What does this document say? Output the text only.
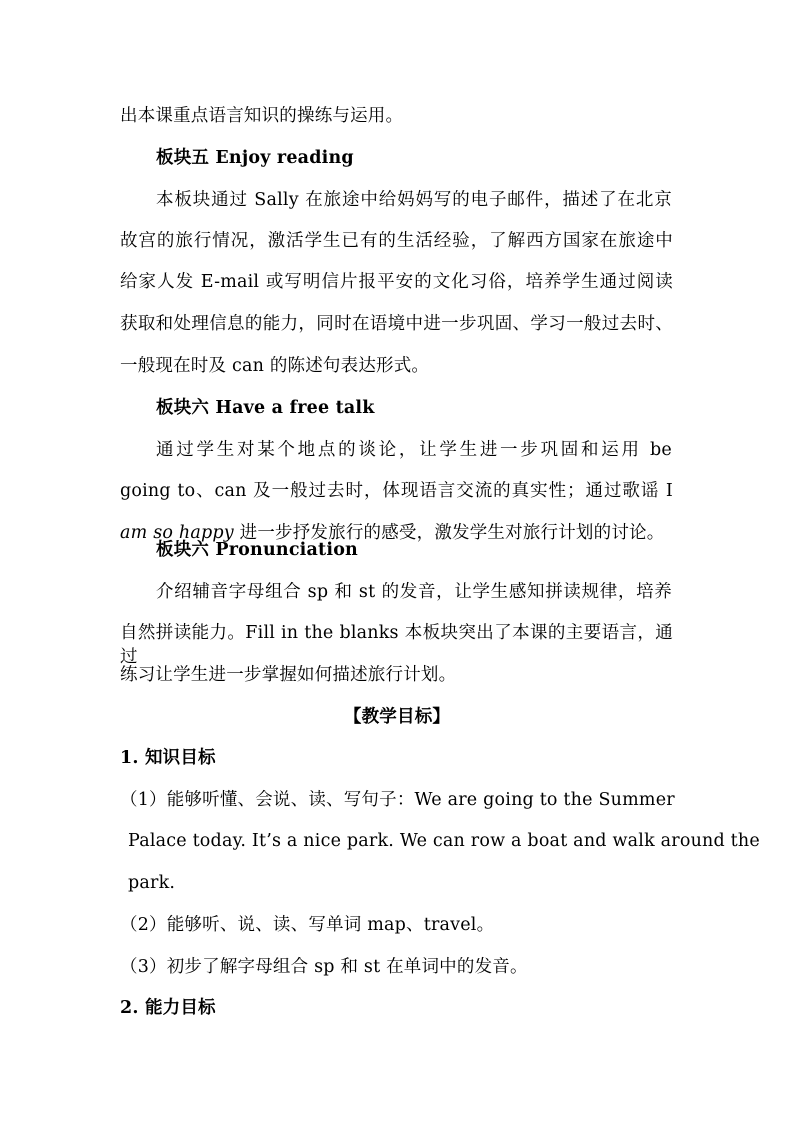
出本课重点语言知识的操练与运用。
板块五 Enjoy reading
本板块通过 Sally 在旅途中给妈妈写的电子邮件，描述了在北京
故宫的旅行情况，激活学生已有的生活经验，了解西方国家在旅途中
给家人发 E-mail 或写明信片报平安的文化习俗，培养学生通过阅读
获取和处理信息的能力，同时在语境中进一步巩固、学习一般过去时、
一般现在时及 can 的陈述句表达形式。
板块六 Have a free talk
通过学生对某个地点的谈论，让学生进一步巩固和运用 be
going to、can 及一般过去时，体现语言交流的真实性；通过歌谣 I
am so happy 进一步抒发旅行的感受，激发学生对旅行计划的讨论。
板块六 Pronunciation
介绍辅音字母组合 sp 和 st 的发音，让学生感知拼读规律，培养
自然拼读能力。Fill in the blanks 本板块突出了本课的主要语言，通过
练习让学生进一步掌握如何描述旅行计划。
【教学目标】
1. 知识目标
（1）能够听懂、会说、读、写句子：We are going to the Summer
Palace today. It’s a nice park. We can row a boat and walk around the
park.
（2）能够听、说、读、写单词 map、travel。
（3）初步了解字母组合 sp 和 st 在单词中的发音。
2. 能力目标
